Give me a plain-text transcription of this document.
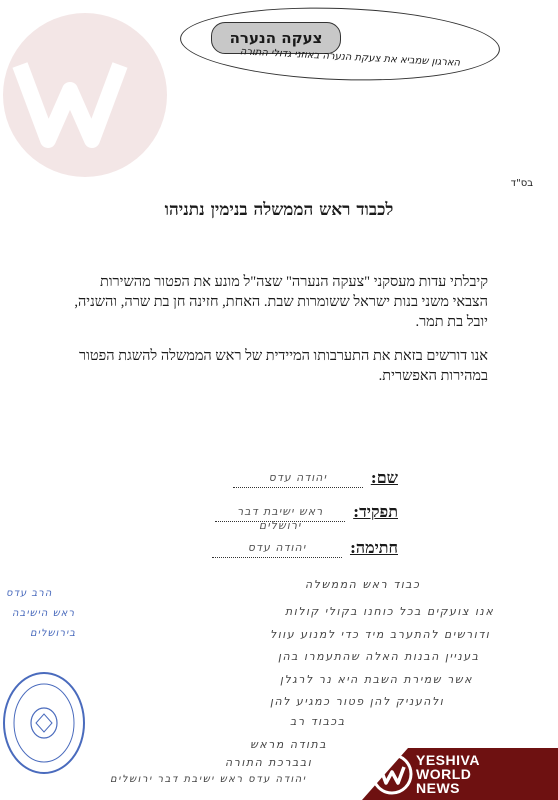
צעקה הנערה
הארגון שמביא את צעקת הנערה באוזני גדולי התורה
בס"ד
לכבוד ראש הממשלה בנימין נתניהו
קיבלתי עדות מעסקני "צעקה הנערה" שצה"ל מונע את הפטור מהשירות הצבאי משני בנות ישראל ששומרות שבת. האחת, חזינה חן בת שרה, והשניה, יובל בת תמר.
אנו דורשים בזאת את התערבותו המיידית של ראש הממשלה להשגת הפטור במהירות האפשרית.
שם:
יהודה עדס
תפקיד:
ראש ישיבת דבר ירושלים
חתימה:
יהודה עדס
כבוד ראש הממשלה
אנו צועקים בכל כוחנו בקולי קולות
ודורשים להתערב מיד כדי למנוע עוול
בעניין הבנות האלה שהתעמרו בהן
אשר שמירת השבת היא נר לרגלן
ולהעניק להן פטור כמגיע להן
בכבוד רב
בתודה מראש
ובברכת התורה
יהודה עדס ראש ישיבת דבר ירושלים
הרב עדס
ראש הישיבה
בירושלים
YESHIVA
WORLD
NEWS
